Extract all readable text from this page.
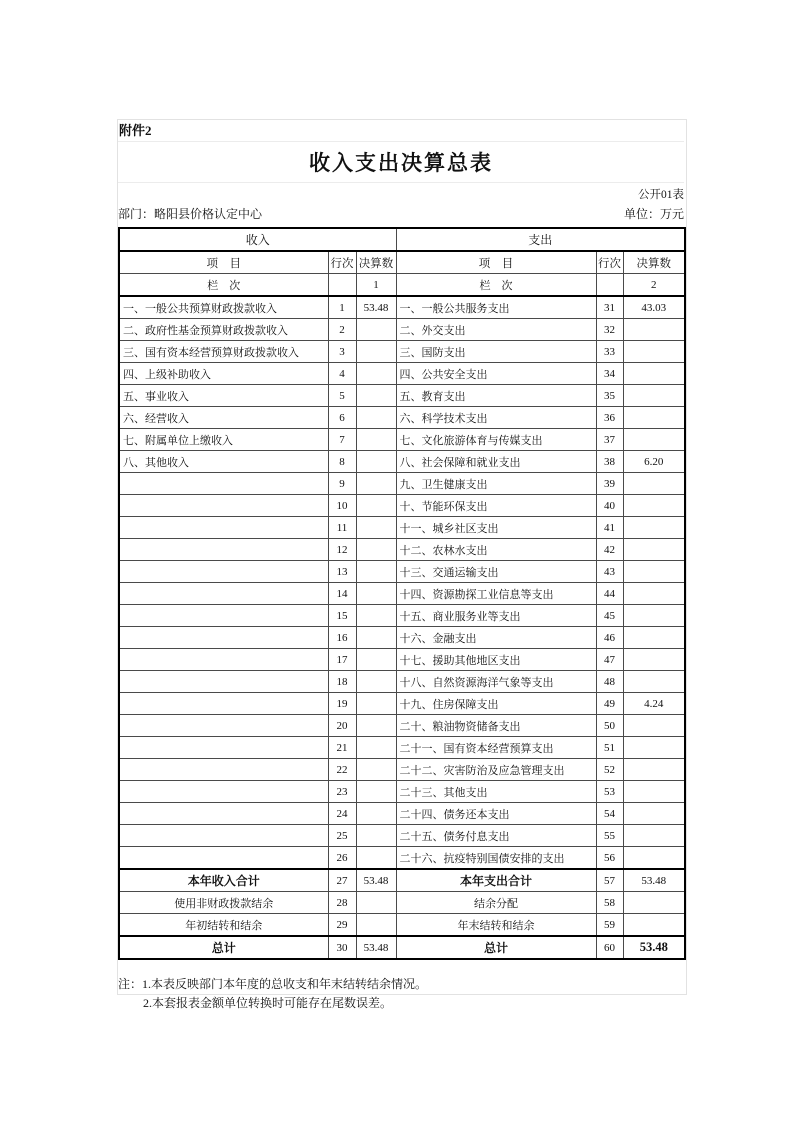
附件2
收入支出决算总表
公开01表
部门：略阳县价格认定中心	单位：万元
收入			支出		
项　目	行次	决算数	项　目	行次	决算数
栏　次		1	栏　次		2
一、一般公共预算财政拨款收入	1	53.48	一、一般公共服务支出	31	43.03
二、政府性基金预算财政拨款收入	2		二、外交支出	32	
三、国有资本经营预算财政拨款收入	3		三、国防支出	33	
四、上级补助收入	4		四、公共安全支出	34	
五、事业收入	5		五、教育支出	35	
六、经营收入	6		六、科学技术支出	36	
七、附属单位上缴收入	7		七、文化旅游体育与传媒支出	37	
八、其他收入	8		八、社会保障和就业支出	38	6.20
	9		九、卫生健康支出	39	
	10		十、节能环保支出	40	
	11		十一、城乡社区支出	41	
	12		十二、农林水支出	42	
	13		十三、交通运输支出	43	
	14		十四、资源勘探工业信息等支出	44	
	15		十五、商业服务业等支出	45	
	16		十六、金融支出	46	
	17		十七、援助其他地区支出	47	
	18		十八、自然资源海洋气象等支出	48	
	19		十九、住房保障支出	49	4.24
	20		二十、粮油物资储备支出	50	
	21		二十一、国有资本经营预算支出	51	
	22		二十二、灾害防治及应急管理支出	52	
	23		二十三、其他支出	53	
	24		二十四、债务还本支出	54	
	25		二十五、债务付息支出	55	
	26		二十六、抗疫特别国债安排的支出	56	
本年收入合计	27	53.48	本年支出合计	57	53.48
使用非财政拨款结余	28		结余分配	58	
年初结转和结余	29		年末结转和结余	59	
总计	30	53.48	总计	60	53.48
注：1.本表反映部门本年度的总收支和年末结转结余情况。
2.本套报表金额单位转换时可能存在尾数误差。
